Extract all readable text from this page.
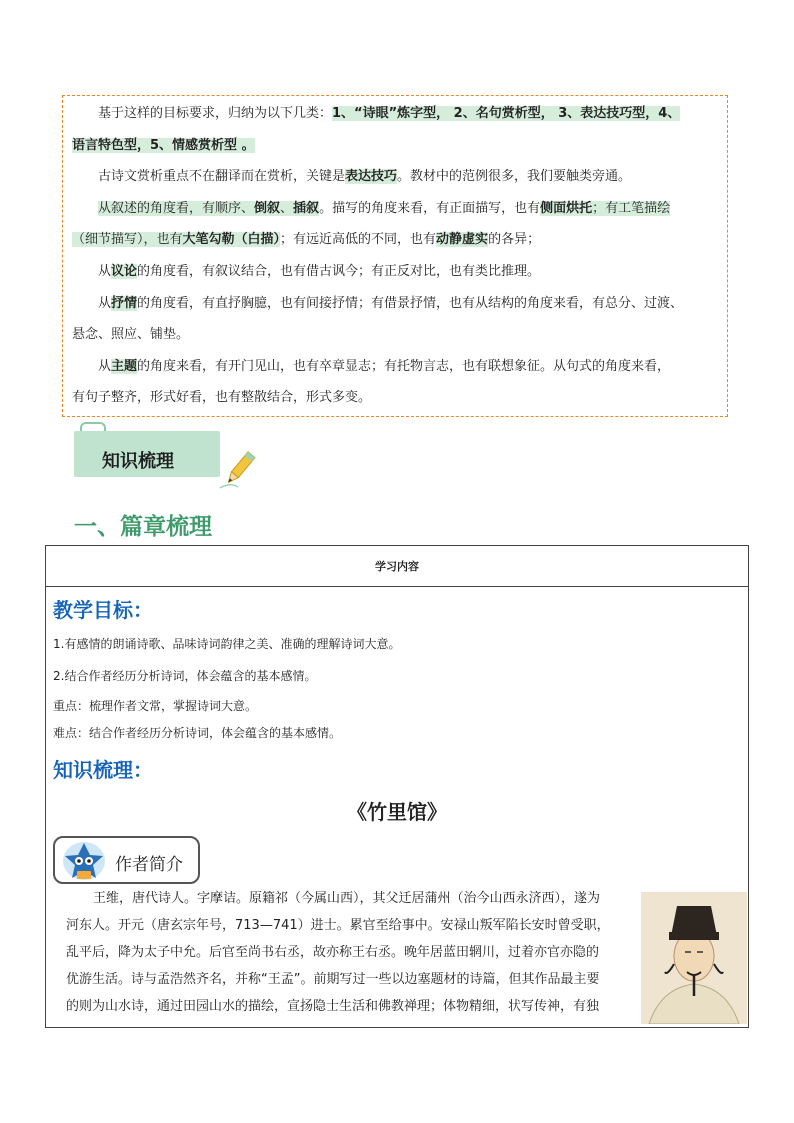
基于这样的目标要求，归纳为以下几类：1、“诗眼”炼字型， 2、名句赏析型， 3、表达技巧型，4、

语言特色型，5、情感赏析型 。

古诗文赏析重点不在翻译而在赏析，关键是表达技巧。教材中的范例很多，我们要触类旁通。

从叙述的角度看，有顺序、倒叙、插叙。描写的角度来看，有正面描写，也有侧面烘托；有工笔描绘

（细节描写），也有大笔勾勒（白描）；有远近高低的不同，也有动静虚实的各异；

从议论的角度看，有叙议结合，也有借古讽今；有正反对比，也有类比推理。

从抒情的角度看，有直抒胸臆，也有间接抒情；有借景抒情，也有从结构的角度来看，有总分、过渡、

悬念、照应、铺垫。

从主题的角度来看，有开门见山，也有卒章显志；有托物言志，也有联想象征。从句式的角度来看，

有句子整齐，形式好看，也有整散结合，形式多变。

知识梳理
一、篇章梳理
学习内容
教学目标：

1.有感情的朗诵诗歌、品味诗词韵律之美、准确的理解诗词大意。

2.结合作者经历分析诗词，体会蕴含的基本感情。

重点：梳理作者文常，掌握诗词大意。

难点：结合作者经历分析诗词，体会蕴含的基本感情。

知识梳理：
《竹里馆》
作者简介

王维，唐代诗人。字摩诘。原籍祁（今属山西），其父迁居蒲州（治今山西永济西），遂为

河东人。开元（唐玄宗年号，713—741）进士。累官至给事中。安禄山叛军陷长安时曾受职，

乱平后，降为太子中允。后官至尚书右丞，故亦称王右丞。晚年居蓝田辋川，过着亦官亦隐的

优游生活。诗与孟浩然齐名，并称“王孟”。前期写过一些以边塞题材的诗篇，但其作品最主要

的则为山水诗，通过田园山水的描绘，宣扬隐士生活和佛教禅理；体物精细，状写传神，有独
